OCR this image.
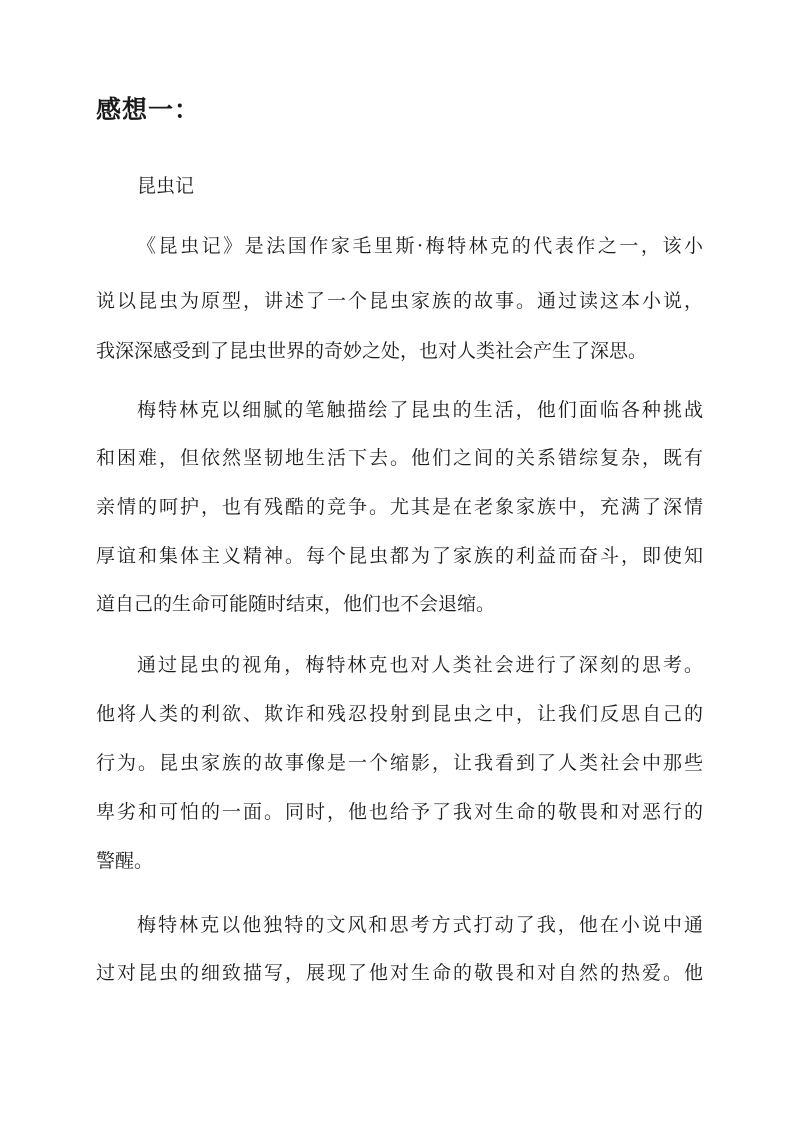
感想一：
昆虫记
《昆虫记》是法国作家毛里斯·梅特林克的代表作之一，该小
说以昆虫为原型，讲述了一个昆虫家族的故事。通过读这本小说，
我深深感受到了昆虫世界的奇妙之处，也对人类社会产生了深思。
梅特林克以细腻的笔触描绘了昆虫的生活，他们面临各种挑战
和困难，但依然坚韧地生活下去。他们之间的关系错综复杂，既有
亲情的呵护，也有残酷的竞争。尤其是在老象家族中，充满了深情
厚谊和集体主义精神。每个昆虫都为了家族的利益而奋斗，即使知
道自己的生命可能随时结束，他们也不会退缩。
通过昆虫的视角，梅特林克也对人类社会进行了深刻的思考。
他将人类的利欲、欺诈和残忍投射到昆虫之中，让我们反思自己的
行为。昆虫家族的故事像是一个缩影，让我看到了人类社会中那些
卑劣和可怕的一面。同时，他也给予了我对生命的敬畏和对恶行的
警醒。
梅特林克以他独特的文风和思考方式打动了我，他在小说中通
过对昆虫的细致描写，展现了他对生命的敬畏和对自然的热爱。他
